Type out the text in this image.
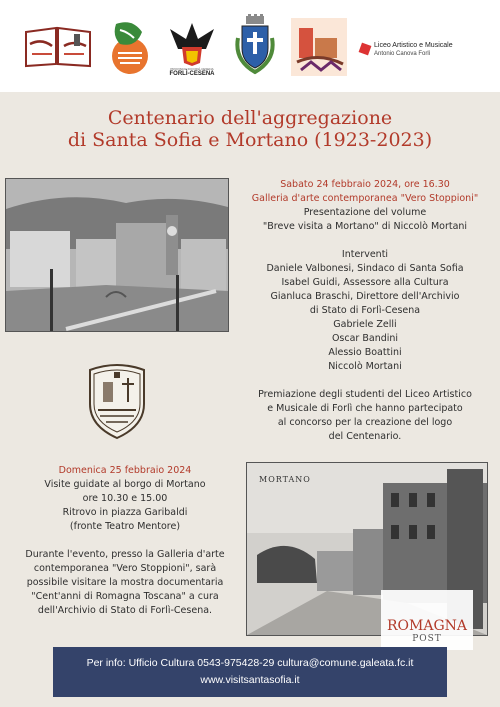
PROVINCIA DI FORLÌ-CESENA
FORLÌ-CESENA
Liceo Artistico e Musicale
Antonio Canova Forlì
Centenario dell'aggregazione
di Santa Sofia e Mortano (1923-2023)
Sabato 24 febbraio 2024, ore 16.30
Galleria d'arte contemporanea "Vero Stoppioni"
Presentazione del volume
"Breve visita a Mortano" di Niccolò Mortani
Interventi
Daniele Valbonesi, Sindaco di Santa Sofia
Isabel Guidi, Assessore alla Cultura
Gianluca Braschi, Direttore dell'Archivio
di Stato di Forlì-Cesena
Gabriele Zelli
Oscar Bandini
Alessio Boattini
Niccolò Mortani
Premiazione degli studenti del Liceo Artistico
e Musicale di Forlì che hanno partecipato
al concorso per la creazione del logo
del Centenario.
Domenica 25 febbraio 2024
Visite guidate al borgo di Mortano
ore 10.30 e 15.00
Ritrovo in piazza Garibaldi
(fronte Teatro Mentore)
Durante l'evento, presso la Galleria d'arte
contemporanea "Vero Stoppioni", sarà
possibile visitare la mostra documentaria
"Cent'anni di Romagna Toscana" a cura
dell'Archivio di Stato di Forlì-Cesena.
MORTANO
ROMAGNA
POST
Per info: Ufficio Cultura 0543-975428-29 cultura@comune.galeata.fc.it
www.visitsantasofia.it
